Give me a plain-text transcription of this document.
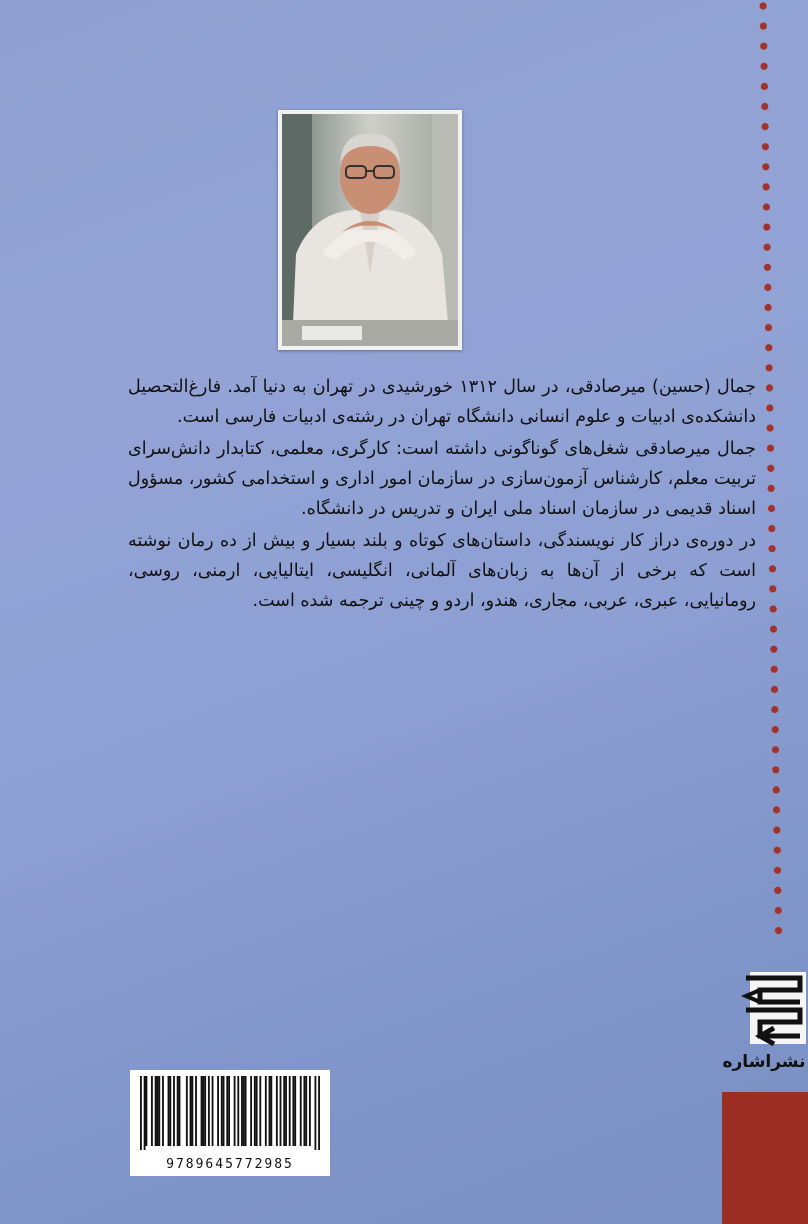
جمال (حسین) میرصادقی، در سال ۱۳۱۲ خورشیدی در تهران به دنیا آمد. فارغ‌التحصیل دانشکده‌ی ادبیات و علوم انسانی دانشگاه تهران در رشته‌ی ادبیات فارسی است.

جمال میرصادقی شغل‌های گوناگونی داشته است: کارگری، معلمی، کتابدار دانش‌سرای تربیت معلم، کارشناس آزمون‌سازی در سازمان امور اداری و استخدامی کشور، مسؤول اسناد قدیمی در سازمان اسناد ملی ایران و تدریس در دانشگاه.

در دوره‌ی دراز کار نویسندگی، داستان‌های کوتاه و بلند بسیار و بیش از ده رمان نوشته است که برخی از آن‌ها به زبان‌های آلمانی، انگلیسی، ایتالیایی، ارمنی، روسی، رومانیایی، عبری، عربی، مجاری، هندو، اردو و چینی ترجمه شده است.

نشراشاره
9789645772985
